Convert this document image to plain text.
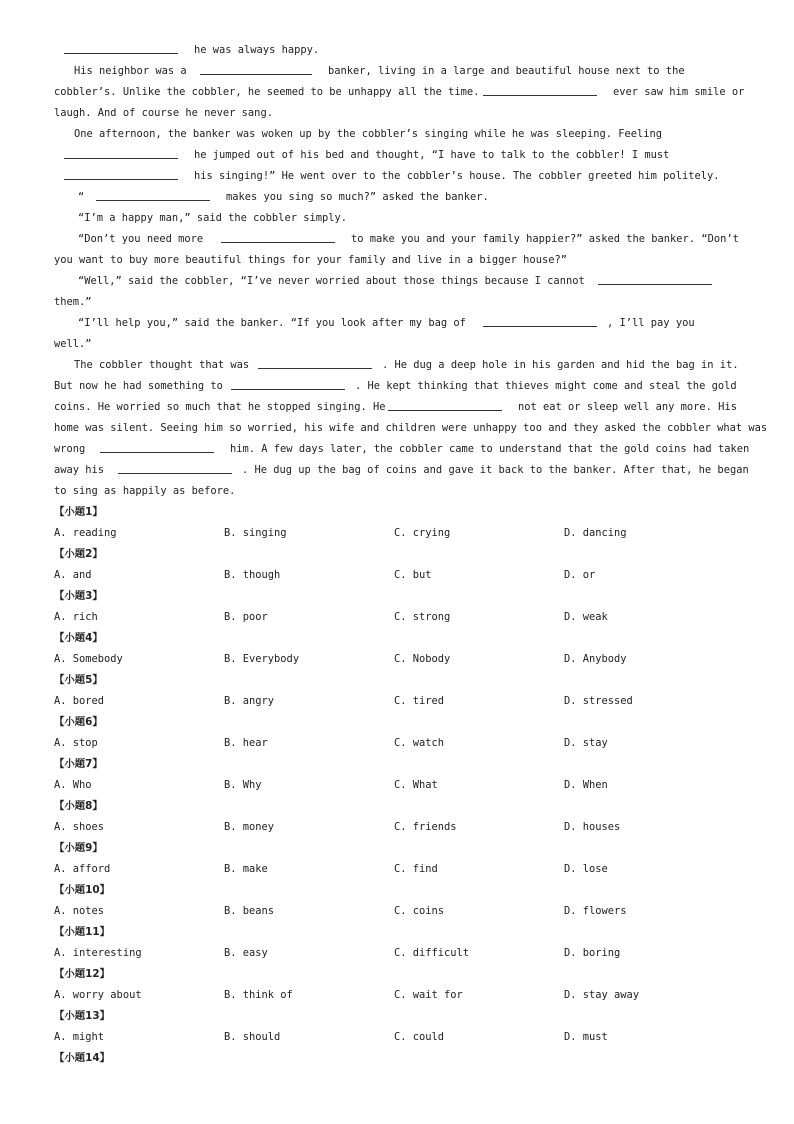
he was always happy.
His neighbor was a	banker, living in a large and beautiful house next to the
cobbler’s. Unlike the cobbler, he seemed to be unhappy all the time.	ever saw him smile or
laugh. And of course he never sang.
One afternoon, the banker was woken up by the cobbler’s singing while he was sleeping. Feeling
he jumped out of his bed and thought, “I have to talk to the cobbler! I must
his singing!” He went over to the cobbler’s house. The cobbler greeted him politely.
“	makes you sing so much?” asked the banker.
“I’m a happy man,” said the cobbler simply.
“Don’t you need more	to make you and your family happier?” asked the banker. “Don’t
you want to buy more beautiful things for your family and live in a bigger house?”
“Well,” said the cobbler, “I’ve never worried about those things because I cannot
them.”
“I’ll help you,” said the banker. “If you look after my bag of	, I’ll pay you
well.”
The cobbler thought that was	. He dug a deep hole in his garden and hid the bag in it.
But now he had something to	. He kept thinking that thieves might come and steal the gold
coins. He worried so much that he stopped singing. He	not eat or sleep well any more. His
home was silent. Seeing him so worried, his wife and children were unhappy too and they asked the cobbler what was
wrong	him. A few days later, the cobbler came to understand that the gold coins had taken
away his	. He dug up the bag of coins and gave it back to the banker. After that, he began
to sing as happily as before.
【小题1】
A. reading	B. singing	C. crying	D. dancing
【小题2】
A. and	B. though	C. but	D. or
【小题3】
A. rich	B. poor	C. strong	D. weak
【小题4】
A. Somebody	B. Everybody	C. Nobody	D. Anybody
【小题5】
A. bored	B. angry	C. tired	D. stressed
【小题6】
A. stop	B. hear	C. watch	D. stay
【小题7】
A. Who	B. Why	C. What	D. When
【小题8】
A. shoes	B. money	C. friends	D. houses
【小题9】
A. afford	B. make	C. find	D. lose
【小题10】
A. notes	B. beans	C. coins	D. flowers
【小题11】
A. interesting	B. easy	C. difficult	D. boring
【小题12】
A. worry about	B. think of	C. wait for	D. stay away
【小题13】
A. might	B. should	C. could	D. must
【小题14】
